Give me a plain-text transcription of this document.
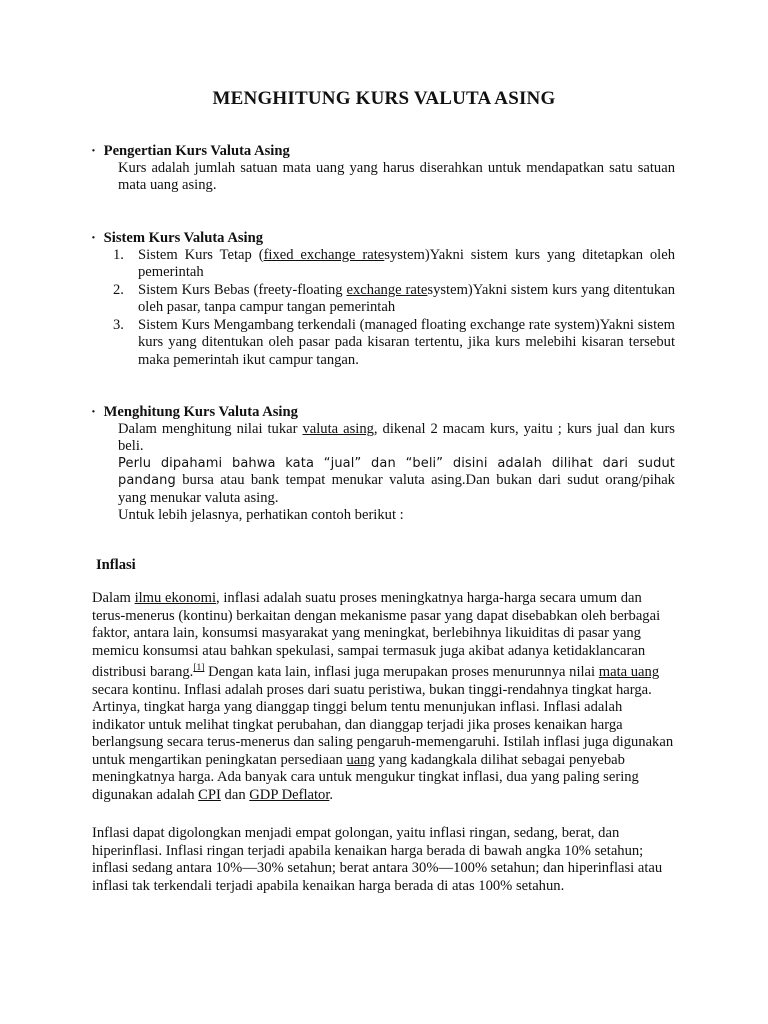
MENGHITUNG KURS VALUTA ASING
· Pengertian Kurs Valuta Asing
Kurs adalah jumlah satuan mata uang yang harus diserahkan untuk mendapatkan satu satuan mata uang asing.
· Sistem Kurs Valuta Asing
1. Sistem Kurs Tetap (fixed exchange ratesystem)Yakni sistem kurs yang ditetapkan oleh pemerintah
2. Sistem Kurs Bebas (freety-floating exchange ratesystem)Yakni sistem kurs yang ditentukan oleh pasar, tanpa campur tangan pemerintah
3. Sistem Kurs Mengambang terkendali (managed floating exchange rate system)Yakni sistem kurs yang ditentukan oleh pasar pada kisaran tertentu, jika kurs melebihi kisaran tersebut maka pemerintah ikut campur tangan.
· Menghitung Kurs Valuta Asing
Dalam menghitung nilai tukar valuta asing, dikenal 2 macam kurs, yaitu ; kurs jual dan kurs beli.
Perlu dipahami bahwa kata “jual” dan “beli” disini adalah dilihat dari sudut pandang bursa atau bank tempat menukar valuta asing.Dan bukan dari sudut orang/pihak yang menukar valuta asing.
Untuk lebih jelasnya, perhatikan contoh berikut :
Inflasi
Dalam ilmu ekonomi, inflasi adalah suatu proses meningkatnya harga-harga secara umum dan terus-menerus (kontinu) berkaitan dengan mekanisme pasar yang dapat disebabkan oleh berbagai faktor, antara lain, konsumsi masyarakat yang meningkat, berlebihnya likuiditas di pasar yang memicu konsumsi atau bahkan spekulasi, sampai termasuk juga akibat adanya ketidaklancaran distribusi barang.[1] Dengan kata lain, inflasi juga merupakan proses menurunnya nilai mata uang secara kontinu. Inflasi adalah proses dari suatu peristiwa, bukan tinggi-rendahnya tingkat harga. Artinya, tingkat harga yang dianggap tinggi belum tentu menunjukan inflasi. Inflasi adalah indikator untuk melihat tingkat perubahan, dan dianggap terjadi jika proses kenaikan harga berlangsung secara terus-menerus dan saling pengaruh-memengaruhi. Istilah inflasi juga digunakan untuk mengartikan peningkatan persediaan uang yang kadangkala dilihat sebagai penyebab meningkatnya harga. Ada banyak cara untuk mengukur tingkat inflasi, dua yang paling sering digunakan adalah CPI dan GDP Deflator.
Inflasi dapat digolongkan menjadi empat golongan, yaitu inflasi ringan, sedang, berat, dan hiperinflasi. Inflasi ringan terjadi apabila kenaikan harga berada di bawah angka 10% setahun; inflasi sedang antara 10%—30% setahun; berat antara 30%—100% setahun; dan hiperinflasi atau inflasi tak terkendali terjadi apabila kenaikan harga berada di atas 100% setahun.
